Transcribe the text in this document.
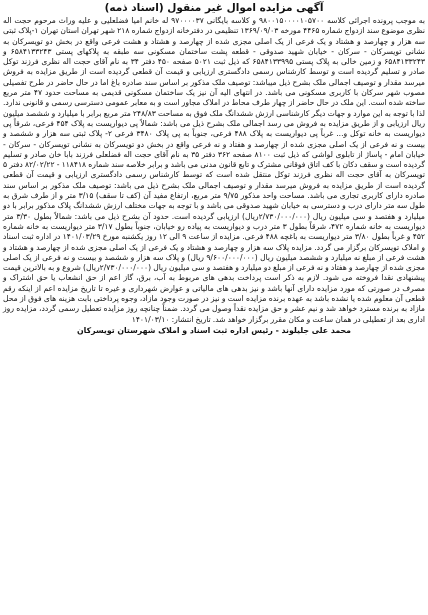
آگهی مزایده اموال غیر منقول (اسناد ذمه)

به موجب پرونده اجرائی کلاسه ۹۸۰۰۱۵۰۰۰۰۱۰۵۷۰۰ و کلاسه بایگانی ۹۷۰۰۰۰۳۷ له خانم امیا فضلعلیی و علیه وراث مرحوم حجت اله نظری موضوع سند ازدواج شماره ۴۴۶۵ مورخه ۱۳۶۹/۰۹/۰۳ تنظیمی در دفترخانه ازدواج شماره ۲۱۸ شهر تهران استان تهران ۱-پلاک ثبتی سه هزار و چهارصد و هشتاد و یک فرعی از یک اصلی مجزی شده از چهارصد و هشتاد و هشت فرعی واقع در بخش دو تویسرکان به نشانی تویسرکان - سرکان - خیابان شهید صدوقی - قطعه پشت ساختمان مسکونی سه طبقه به پلاکهای پستی ۶۵۸۴۱۳۳۲۴۳ و ۶۵۸۴۱۳۳۲۴۳ و زمین خالی به پلاک پستی ۶۵۸۴۱۳۳۹۹۵ که ذیل ثبت ۵۰۲۱ صفحه ۴۵۰ دفتر ۳۴ به نام آقای حجت اله نظری فرزند توکل صادر و تسلیم گردیده است و توسط کارشناس رسمی دادگستری ارزیابی و قیمت آن قطعی گردیده است از طریق مزایده به فروش میرسد مقدار و توصیف اجمالی ملک بشرح ذیل میباشد: توصیف ملک مذکور بر اساس سند صادره باغ اما در حال حاضر در طرح تفصیلی مصوب شهر سرکان با کاربری مسکونی می باشد. در انتهای الیه آن نیز یک ساختمان مسکونی قدیمی به مساحت حدود ۴۷ متر مربع ساخته شده است. این ملک در حال حاضر از چهار طرف محاط در املاک مجاور است و به معابر عمومی دسترسی رسمی و قانونی ندارد. لذا با توجه به این موارد و جهات دیگر کارشناسی ارزش ششدانگ ملک فوق به مساحت ۲۴۸/۸۳ متر مربع برابر با میلیارد و ششصد میلیون ریال ارزیابی و از طریق مزایده به فروش می رسد اجمالی ملک بشرح ذیل می باشد: شمالاً پی دیواریست به پلاک ۴۵۴ فرعی، شرقاً پی دیواریست به خانه توکل و... غرباً پی دیواریست به پلاک ۴۸۸ فرعی، جنوباً به پی پلاک ۳۴۸۰ فرعی ۲- پلاک ثبتی سه هزار و ششصد و بیست و نه فرعی از یک اصلی مجزی شده از چهارصد و هفتاد و نه فرعی واقع در بخش دو تویسرکان به نشانی تویسرکان - سرکان - خیابان امام - پاساژ از تابلوی لواشی که ذیل ثبت ۸۱۰۰ صفحه ۳۶۲ دفتر ۳۵ به نام آقای حجت اله فضلعلی فرزند بابا خان صادر و تسلیم گردیده است و سقف دکان با کف اتاق فوقانی مشترک و تابع قانون مدنی می باشد و برابر خلاصه سند شماره ۱۱۸۴۱۸ - ۸۲/۰۲/۲۲ دفتر ۵ تویسرکان به آقای حجت اله نظری فرزند توکل منتقل شده است که توسط کارشناس رسمی دادگستری ارزیابی و قیمت آن قطعی گردیده است از طریق مزایده به فروش میرسد مقدار و توصیف اجمالی ملک بشرح ذیل می باشد: توصیف ملک مذکور بر اساس سند صادره دارای کاربری تجاری می باشد. مساحت واحد مذکور ۹/۷۵ متر مربع، ارتفاع مفید آن (کف تا سقف) ۳/۱۵ متر و از طرف شرق به طول سه متر دارای درب و دسترسی به خیابان شهید صدوقی می باشد و با توجه به جهات مختلف ارزش ششدانگ پلاک مذکور برابر با دو میلیارد و هفتصد و سی میلیون ریال (۲/۷۳۰/۰۰۰/۰۰۰ریال) ارزیابی گردیده است. حدود آن بشرح ذیل می باشد: شمالاً بطول ۳/۳۰ متر دیواریست به خانه شماره ۴۷۲، شرقاً بطول ۳ متر درب و دیواریست به پیاده رو خیابان، جنوباً بطول ۳/۱۷ متر دیواریست به خانه شماره ۴۵۲ و غرباً بطول ۳/۸۰ متر دیواریست به باغچه ۴۸۸ فرعی. مزایده از ساعت ۹ الی ۱۲ روز یکشنبه مورخ ۱۴۰۱/۰۳/۲۹ در اداره ثبت اسناد و املاک تویسرکان برگزار می گردد. مزایده پلاک سه هزار و چهارصد و هشتاد و یک فرعی از یک اصلی مجزی شده از چهارصد و هشتاد و هشت فرعی از مبلغ نه میلیارد و ششصد میلیون ریال (۹/۶۰۰/۰۰۰/۰۰۰ ریال) و پلاک سه هزار و ششصد و بیست و نه فرعی از یک اصلی مجزی شده از چهارصد و هفتاد و نه فرعی از مبلغ دو میلیارد و هفتصد و سی میلیون ریال (۲/۷۳۰/۰۰۰/۰۰۰ریال) شروع و به بالاترین قیمت پیشنهادی نقدا فروخته می شود. لازم به ذکر است پرداخت بدهی های مربوط به آب، برق، گاز اعم از حق انشعاب یا حق اشتراک و مصرف در صورتی که مورد مزایده دارای آنها باشد و نیز بدهی های مالیاتی و عوارض شهرداری و غیره تا تاریخ مزایده اعم از اینکه رقم قطعی آن معلوم شده یا نشده باشد به عهده برنده مزایده است و نیز در صورت وجود مازاد، وجوه پرداختی بابت هزینه های فوق از محل مازاد به برنده مسترد خواهد شد و نیم عشر و حق مزایده نقداً وصول می گردد. ضمناً چنانچه روز مزایده تعطیل رسمی گردد، مزایده روز اداری بعد از تعطیلی در همان ساعت و مکان مقرر برگزار خواهد شد. تاریخ انتشار: ۱۴۰۱/۰۳/۱۰

محمد علی جلیلوند - رئیس اداره ثبت اسناد و املاک شهرستان تویسرکان
